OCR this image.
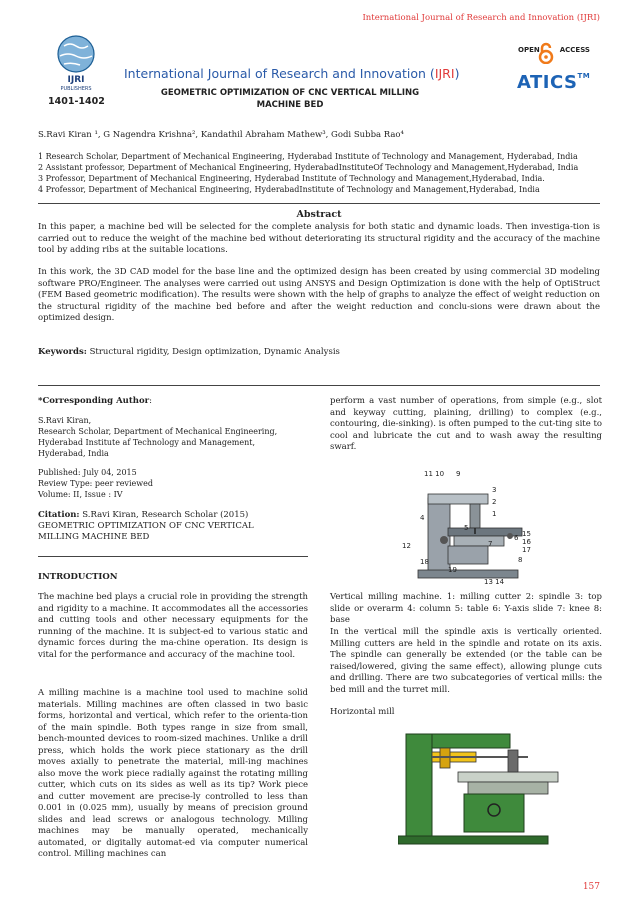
International Journal of Research and Innovation (IJRI)
IJRI
PUBLISHERS
1401-1402
International Journal of Research and Innovation (IJRI)
GEOMETRIC OPTIMIZATION OF CNC VERTICAL MILLING
MACHINE BED
OPEN	ACCESS
ATICS™
S.Ravi Kiran ¹, G Nagendra Krishna², Kandathil Abraham Mathew³, Godi Subba Rao⁴
1 Research Scholar, Department of Mechanical Engineering, Hyderabad Institute of Technology and Management, Hyderabad, India
2 Assistant professor, Department of Mechanical Engineering, HyderabadInstituteOf Technology and Management,Hyderabad, India
3 Professor, Department of Mechanical Engineering, Hyderabad Institute of Technology and Management,Hyderabad, India.
4 Professor, Department of Mechanical Engineering, HyderabadInstitute of Technology and Management,Hyderabad, India
Abstract
In this paper, a machine bed will be selected for the complete analysis for both static and dynamic loads. Then investiga-tion is carried out to reduce the weight of the machine bed without deteriorating its structural rigidity and the accuracy of the machine tool by adding ribs at the suitable locations.
In this work, the 3D CAD model for the base line and the optimized design has been created by using commercial 3D modeling software PRO/Engineer. The analyses were carried out using ANSYS and Design Optimization is done with the help of OptiStruct (FEM Based geometric modification). The results were shown with the help of graphs to analyze the effect of weight reduction on the structural rigidity of the machine bed before and after the weight reduction and conclu-sions were drawn about the optimized design.
Keywords: Structural rigidity, Design optimization, Dynamic Analysis
*Corresponding Author:
S.Ravi Kiran,
Research Scholar, Department of Mechanical Engineering,
Hyderabad Institute af Technology and Management,
Hyderabad, India
Published: July 04, 2015
Review Type: peer reviewed
Volume: II, Issue : IV
Citation: S.Ravi Kiran, Research Scholar (2015)
GEOMETRIC OPTIMIZATION OF CNC VERTICAL
MILLING MACHINE BED
INTRODUCTION
The machine bed plays a crucial role in providing the strength and rigidity to a machine. It accommodates all the accessories and cutting tools and other necessary equipments for the running of the machine. It is subject-ed to various static and dynamic forces during the ma-chine operation. Its design is vital for the performance and accuracy of the machine tool.
A milling machine is a machine tool used to machine solid materials. Milling machines are often classed in two basic forms, horizontal and vertical, which refer to the orienta-tion of the main spindle. Both types range in size from small, bench-mounted devices to room-sized machines. Unlike a drill press, which holds the work piece stationary as the drill moves axially to penetrate the material, mill-ing machines also move the work piece radially against the rotating milling cutter, which cuts on its sides as well as its tip? Work piece and cutter movement are precise-ly controlled to less than 0.001 in (0.025 mm), usually by means of precision ground slides and lead screws or analogous technology. Milling machines may be manually operated, mechanically automated, or digitally automat-ed via computer numerical control. Milling machines can
perform a vast number of operations, from simple (e.g., slot and keyway cutting, plaining, drilling) to complex (e.g., contouring, die-sinking). is often pumped to the cut-ting site to cool and lubricate the cut and to wash away the resulting swarf.
11 10 9
3
2
1
4
5
6
12	7
15
16
17
8
18
19
13 14
Vertical milling machine. 1: milling cutter 2: spindle 3: top slide or overarm 4: column 5: table 6: Y-axis slide 7: knee 8: base
In the vertical mill the spindle axis is vertically oriented. Milling cutters are held in the spindle and rotate on its axis. The spindle can generally be extended (or the table can be raised/lowered, giving the same effect), allowing plunge cuts and drilling. There are two subcategories of vertical mills: the bed mill and the turret mill.
Horizontal mill
157
